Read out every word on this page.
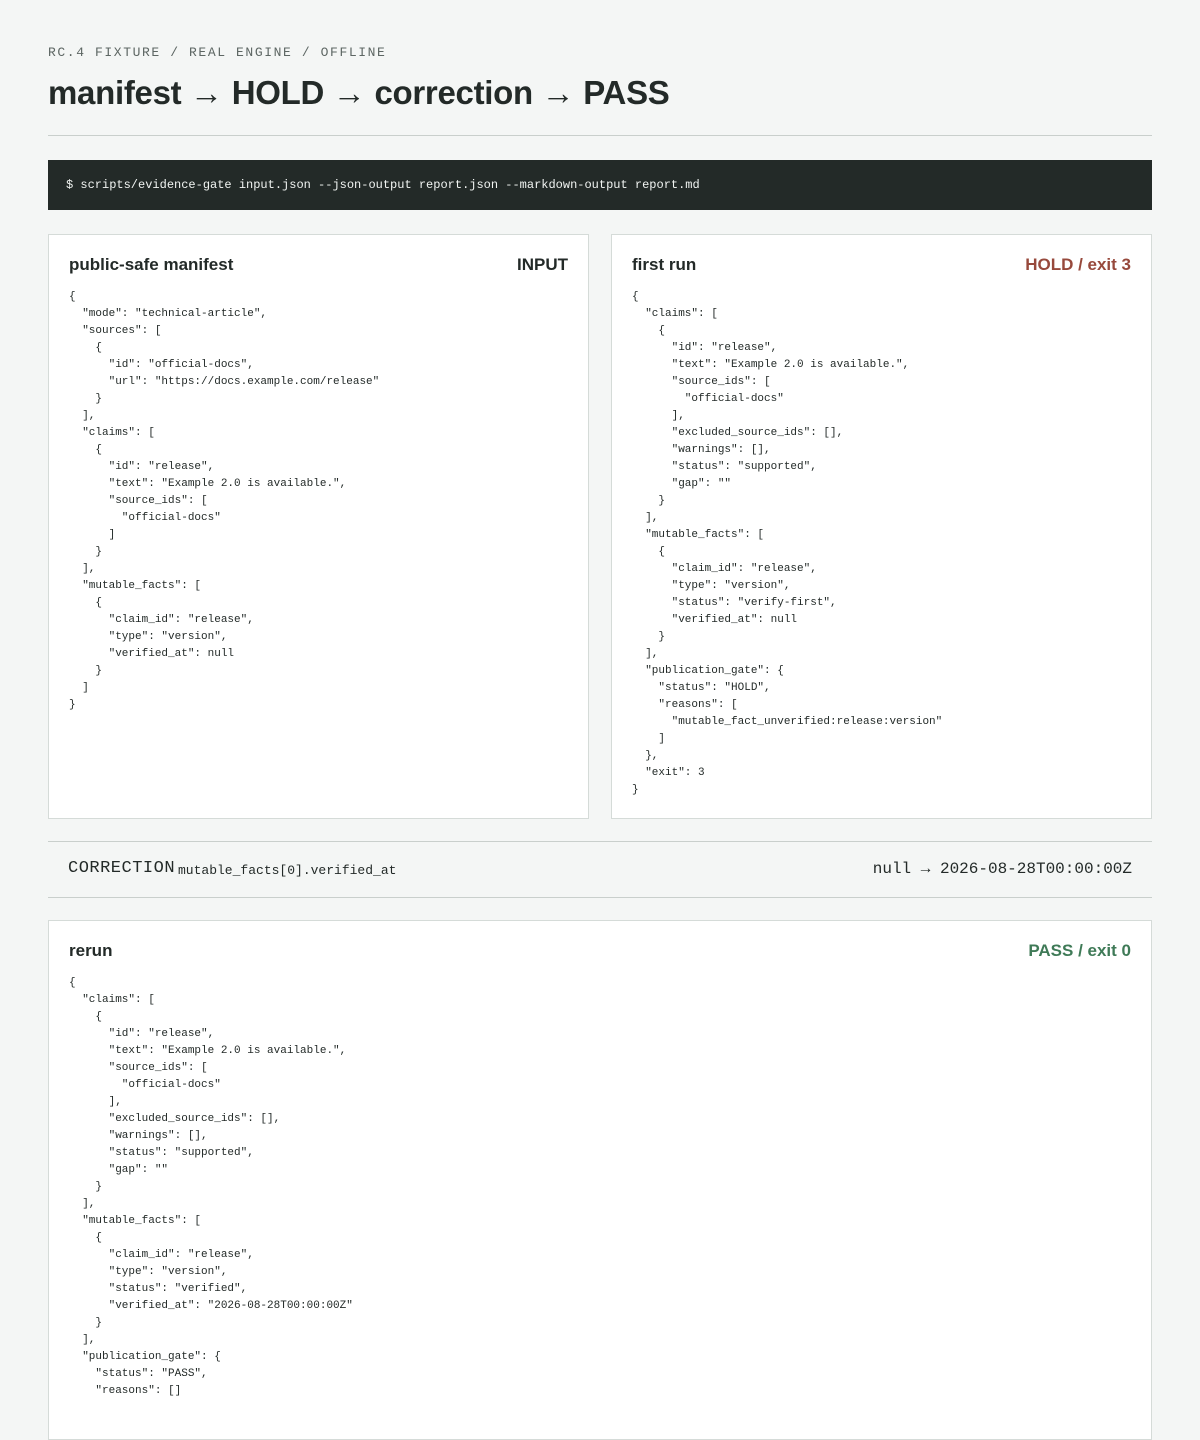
RC.4 FIXTURE / REAL ENGINE / OFFLINE
manifest → HOLD → correction → PASS
$ scripts/evidence-gate input.json --json-output report.json --markdown-output report.md
public-safe manifest	INPUT
{
"mode": "technical-article",
"sources": [
{
"id": "official-docs",
"url": "https://docs.example.com/release"
}
],
"claims": [
{
"id": "release",
"text": "Example 2.0 is available.",
"source_ids": [
"official-docs"
]
}
],
"mutable_facts": [
{
"claim_id": "release",
"type": "version",
"verified_at": null
}
]
}
first run	HOLD / exit 3
{
"claims": [
{
"id": "release",
"text": "Example 2.0 is available.",
"source_ids": [
"official-docs"
],
"excluded_source_ids": [],
"warnings": [],
"status": "supported",
"gap": ""
}
],
"mutable_facts": [
{
"claim_id": "release",
"type": "version",
"status": "verify-first",
"verified_at": null
}
],
"publication_gate": {
"status": "HOLD",
"reasons": [
"mutable_fact_unverified:release:version"
]
},
"exit": 3
}
CORRECTION mutable_facts[0].verified_at	null → 2026-08-28T00:00:00Z
rerun	PASS / exit 0
{
"claims": [
{
"id": "release",
"text": "Example 2.0 is available.",
"source_ids": [
"official-docs"
],
"excluded_source_ids": [],
"warnings": [],
"status": "supported",
"gap": ""
}
],
"mutable_facts": [
{
"claim_id": "release",
"type": "version",
"status": "verified",
"verified_at": "2026-08-28T00:00:00Z"
}
],
"publication_gate": {
"status": "PASS",
"reasons": []
